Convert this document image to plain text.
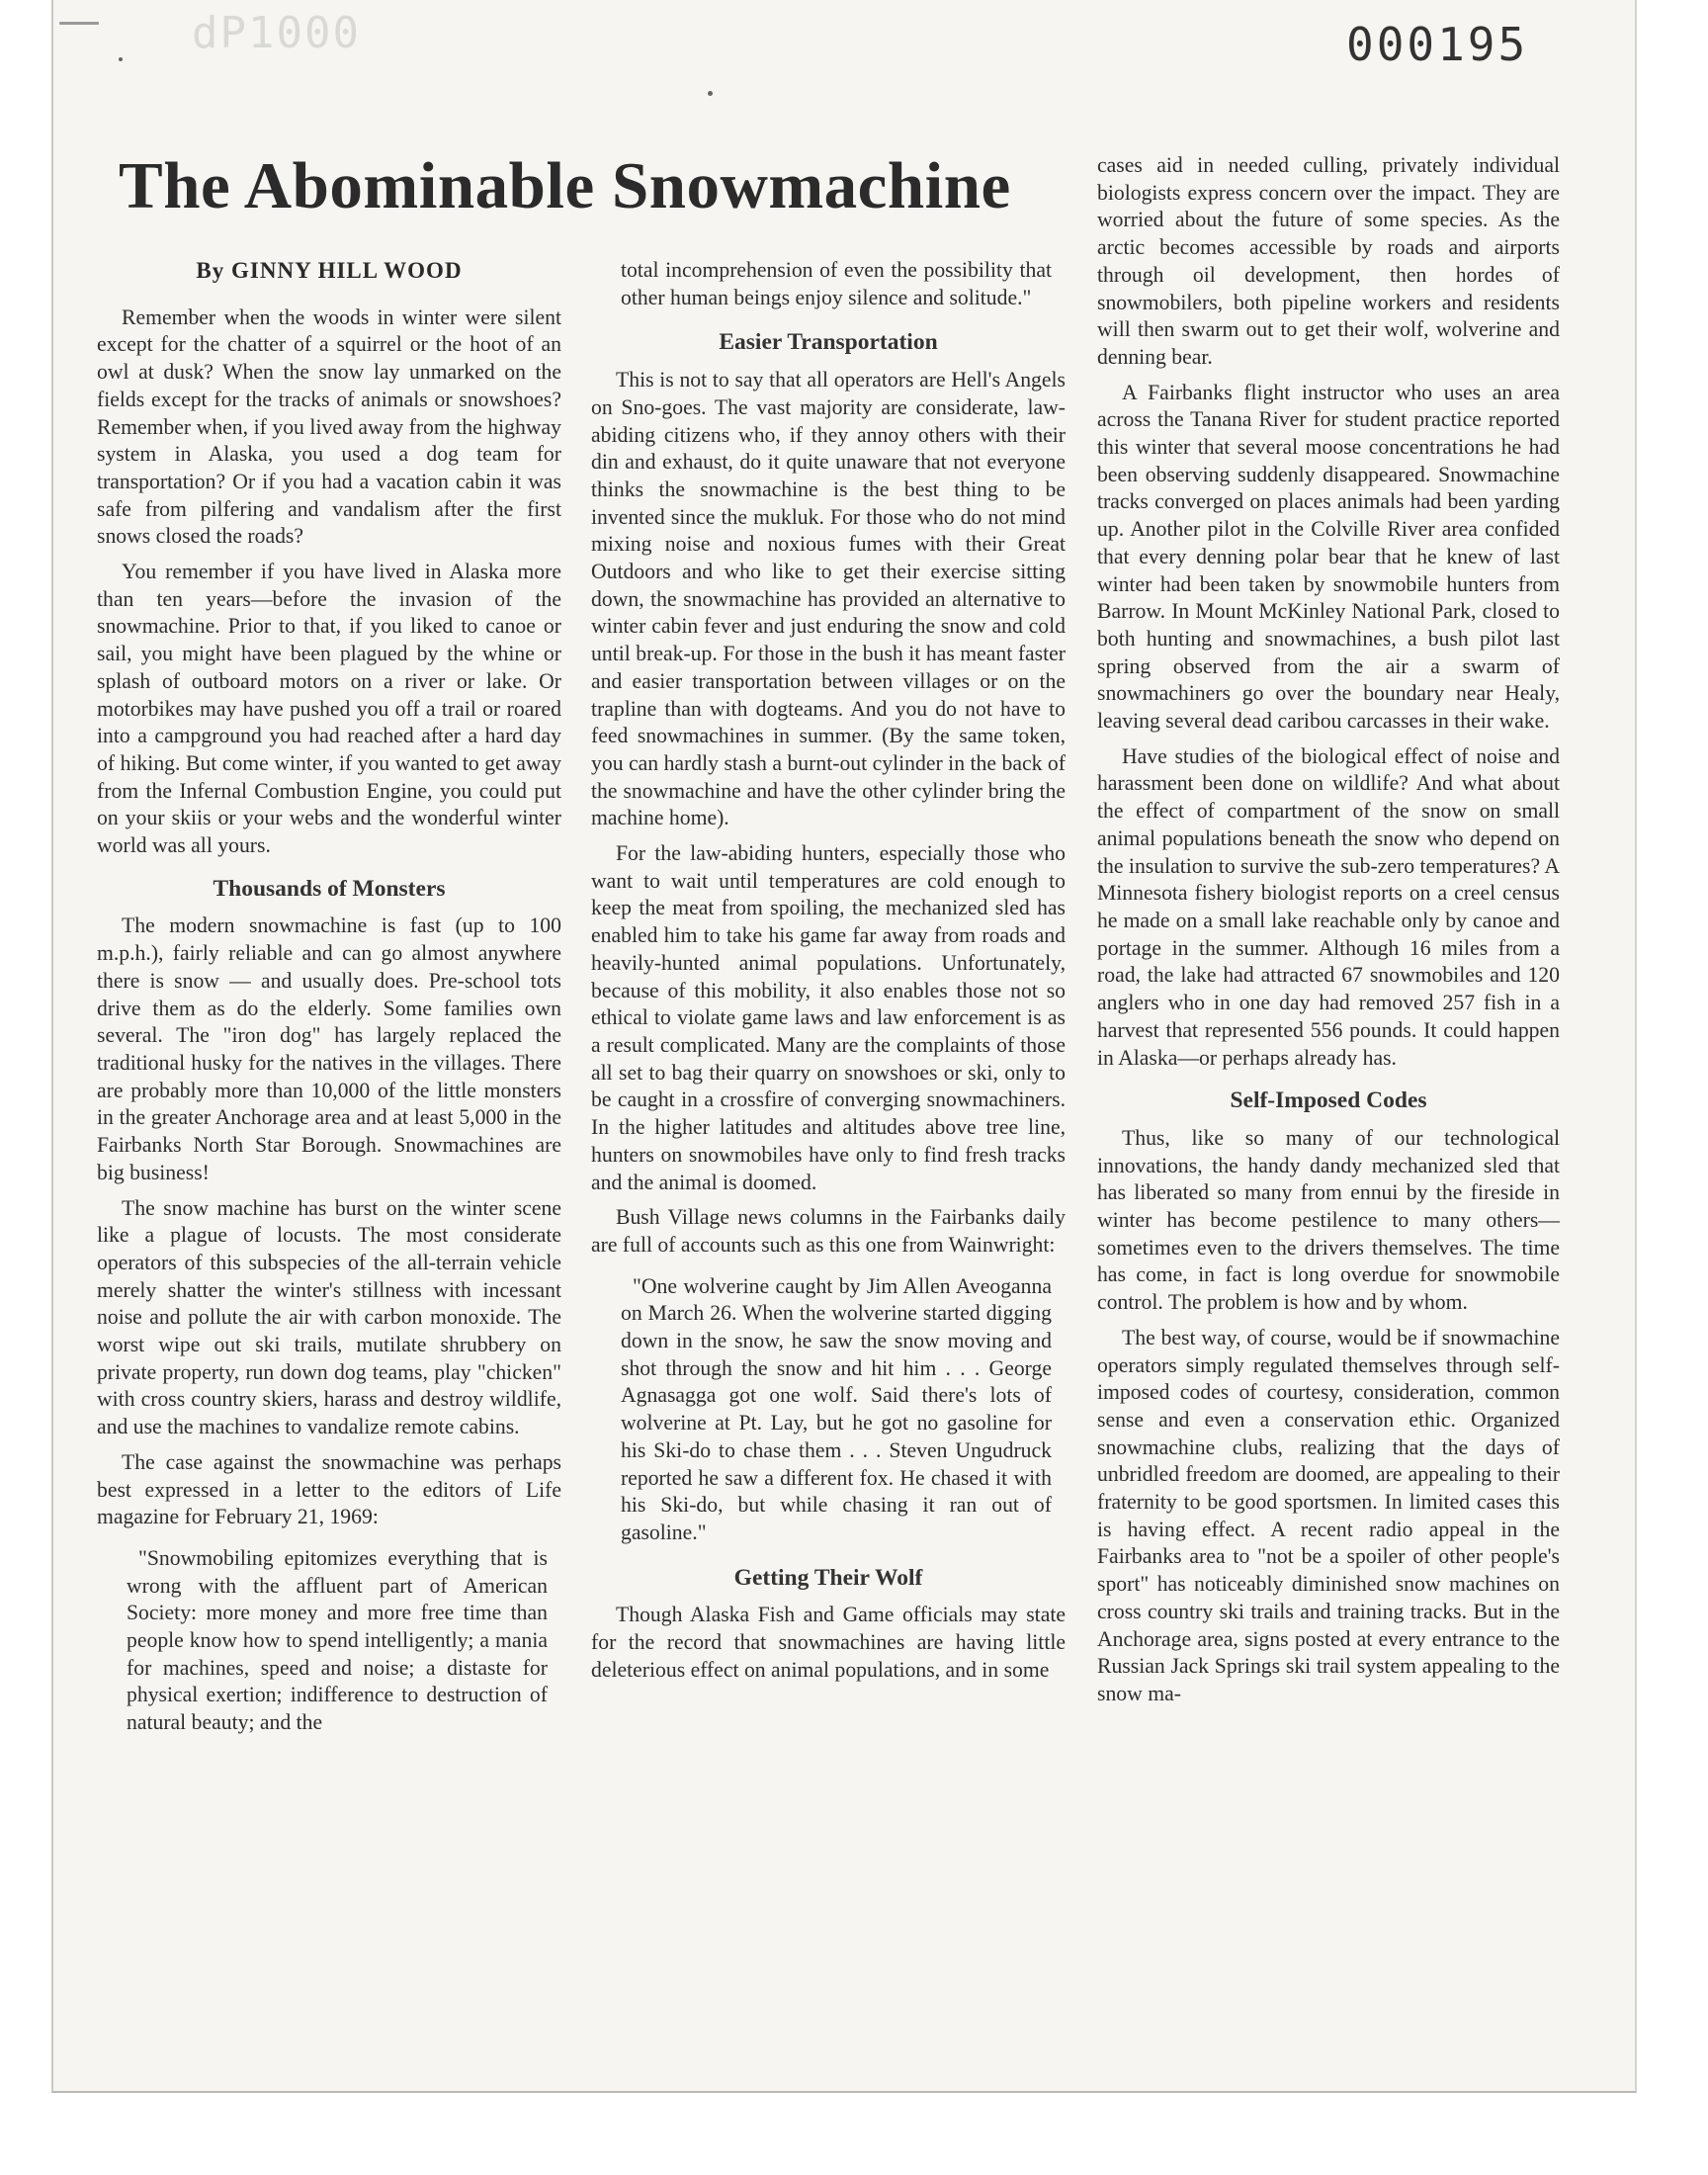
dP1000	000195
The Abominable Snowmachine
By GINNY HILL WOOD

Remember when the woods in winter were silent except for the chatter of a squirrel or the hoot of an owl at dusk? When the snow lay unmarked on the fields except for the tracks of animals or snowshoes? Remember when, if you lived away from the highway system in Alaska, you used a dog team for transportation? Or if you had a vacation cabin it was safe from pilfering and vandalism after the first snows closed the roads?

You remember if you have lived in Alaska more than ten years—before the invasion of the snowmachine. Prior to that, if you liked to canoe or sail, you might have been plagued by the whine or splash of outboard motors on a river or lake. Or motorbikes may have pushed you off a trail or roared into a campground you had reached after a hard day of hiking. But come winter, if you wanted to get away from the Infernal Combustion Engine, you could put on your skiis or your webs and the wonderful winter world was all yours.

Thousands of Monsters

The modern snowmachine is fast (up to 100 m.p.h.), fairly reliable and can go almost anywhere there is snow — and usually does. Pre-school tots drive them as do the elderly. Some families own several. The "iron dog" has largely replaced the traditional husky for the natives in the villages. There are probably more than 10,000 of the little monsters in the greater Anchorage area and at least 5,000 in the Fairbanks North Star Borough. Snowmachines are big business!

The snow machine has burst on the winter scene like a plague of locusts. The most considerate operators of this subspecies of the all-terrain vehicle merely shatter the winter's stillness with incessant noise and pollute the air with carbon monoxide. The worst wipe out ski trails, mutilate shrubbery on private property, run down dog teams, play "chicken" with cross country skiers, harass and destroy wildlife, and use the machines to vandalize remote cabins.

The case against the snowmachine was perhaps best expressed in a letter to the editors of Life magazine for February 21, 1969:

"Snowmobiling epitomizes everything that is wrong with the affluent part of American Society: more money and more free time than people know how to spend intelligently; a mania for machines, speed and noise; a distaste for physical exertion; indifference to destruction of natural beauty; and the

total incomprehension of even the possibility that other human beings enjoy silence and solitude."

Easier Transportation

This is not to say that all operators are Hell's Angels on Sno-goes. The vast majority are considerate, law-abiding citizens who, if they annoy others with their din and exhaust, do it quite unaware that not everyone thinks the snowmachine is the best thing to be invented since the mukluk. For those who do not mind mixing noise and noxious fumes with their Great Outdoors and who like to get their exercise sitting down, the snowmachine has provided an alternative to winter cabin fever and just enduring the snow and cold until break-up. For those in the bush it has meant faster and easier transportation between villages or on the trapline than with dogteams. And you do not have to feed snowmachines in summer. (By the same token, you can hardly stash a burnt-out cylinder in the back of the snowmachine and have the other cylinder bring the machine home).

For the law-abiding hunters, especially those who want to wait until temperatures are cold enough to keep the meat from spoiling, the mechanized sled has enabled him to take his game far away from roads and heavily-hunted animal populations. Unfortunately, because of this mobility, it also enables those not so ethical to violate game laws and law enforcement is as a result complicated. Many are the complaints of those all set to bag their quarry on snowshoes or ski, only to be caught in a crossfire of converging snowmachiners. In the higher latitudes and altitudes above tree line, hunters on snowmobiles have only to find fresh tracks and the animal is doomed.

Bush Village news columns in the Fairbanks daily are full of accounts such as this one from Wainwright:

"One wolverine caught by Jim Allen Aveoganna on March 26. When the wolverine started digging down in the snow, he saw the snow moving and shot through the snow and hit him . . . George Agnasagga got one wolf. Said there's lots of wolverine at Pt. Lay, but he got no gasoline for his Ski-do to chase them . . . Steven Ungudruck reported he saw a different fox. He chased it with his Ski-do, but while chasing it ran out of gasoline."

Getting Their Wolf

Though Alaska Fish and Game officials may state for the record that snowmachines are having little deleterious effect on animal populations, and in some

cases aid in needed culling, privately individual biologists express concern over the impact. They are worried about the future of some species. As the arctic becomes accessible by roads and airports through oil development, then hordes of snowmobilers, both pipeline workers and residents will then swarm out to get their wolf, wolverine and denning bear.

A Fairbanks flight instructor who uses an area across the Tanana River for student practice reported this winter that several moose concentrations he had been observing suddenly disappeared. Snowmachine tracks converged on places animals had been yarding up. Another pilot in the Colville River area confided that every denning polar bear that he knew of last winter had been taken by snowmobile hunters from Barrow. In Mount McKinley National Park, closed to both hunting and snowmachines, a bush pilot last spring observed from the air a swarm of snowmachiners go over the boundary near Healy, leaving several dead caribou carcasses in their wake.

Have studies of the biological effect of noise and harassment been done on wildlife? And what about the effect of compartment of the snow on small animal populations beneath the snow who depend on the insulation to survive the sub-zero temperatures? A Minnesota fishery biologist reports on a creel census he made on a small lake reachable only by canoe and portage in the summer. Although 16 miles from a road, the lake had attracted 67 snowmobiles and 120 anglers who in one day had removed 257 fish in a harvest that represented 556 pounds. It could happen in Alaska—or perhaps already has.

Self-Imposed Codes

Thus, like so many of our technological innovations, the handy dandy mechanized sled that has liberated so many from ennui by the fireside in winter has become pestilence to many others—sometimes even to the drivers themselves. The time has come, in fact is long overdue for snowmobile control. The problem is how and by whom.

The best way, of course, would be if snowmachine operators simply regulated themselves through self-imposed codes of courtesy, consideration, common sense and even a conservation ethic. Organized snowmachine clubs, realizing that the days of unbridled freedom are doomed, are appealing to their fraternity to be good sportsmen. In limited cases this is having effect. A recent radio appeal in the Fairbanks area to "not be a spoiler of other people's sport" has noticeably diminished snow machines on cross country ski trails and training tracks. But in the Anchorage area, signs posted at every entrance to the Russian Jack Springs ski trail system appealing to the snow ma-
